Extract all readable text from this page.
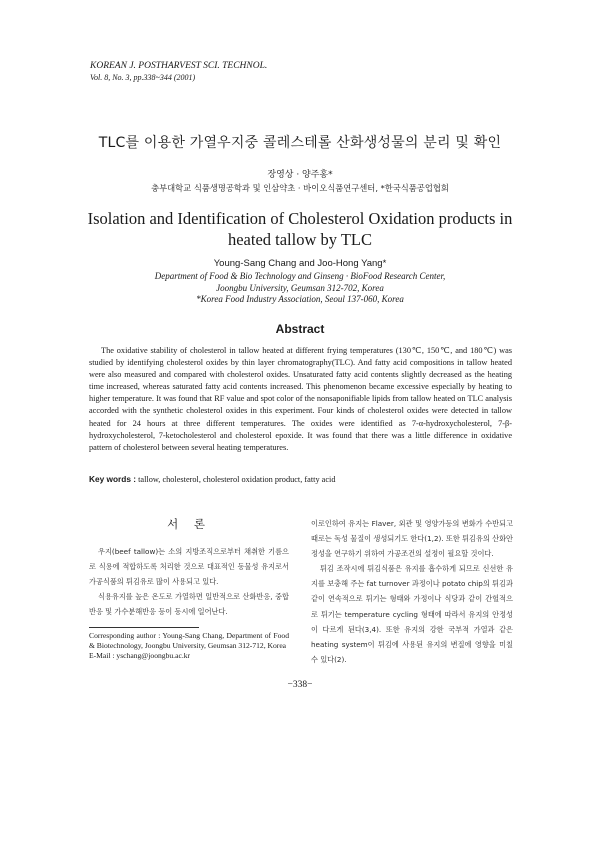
KOREAN J. POSTHARVEST SCI. TECHNOL.
Vol. 8, No. 3, pp.338~344 (2001)
TLC를 이용한 가열우지중 콜레스테롤 산화생성물의 분리 및 확인
장영상 · 양주홍*
충부대학교 식품생명공학과 및 인삼약초 · 바이오식품연구센터, *한국식품공업협회
Isolation and Identification of Cholesterol Oxidation products in
heated tallow by TLC
Young-Sang Chang and Joo-Hong Yang*
Department of Food & Bio Technology and Ginseng · BioFood Research Center,
Joongbu University, Geumsan 312-702, Korea
*Korea Food Industry Association, Seoul 137-060, Korea
Abstract

The oxidative stability of cholesterol in tallow heated at different frying temperatures (130℃, 150℃, and 180℃) was studied by identifying cholesterol oxides by thin layer chromatography(TLC). And fatty acid compositions in tallow heated were also measured and compared with cholesterol oxides. Unsaturated fatty acid contents slightly decreased as the heating time increased, whereas saturated fatty acid contents increased. This phenomenon became excessive especially by heating to higher temperature. It was found that RF value and spot color of the nonsaponifiable lipids from tallow heated on TLC analysis accorded with the synthetic cholesterol oxides in this experiment. Four kinds of cholesterol oxides were detected in tallow heated for 24 hours at three different temperatures. The oxides were identified as 7-α-hydroxycholesterol, 7-β-hydroxycholesterol, 7-ketocholesterol and cholesterol epoxide. It was found that there was a little difference in oxidative pattern of cholesterol between several heating temperatures.

Key words : tallow, cholesterol, cholesterol oxidation product, fatty acid
서 론

우지(beef tallow)는 소의 지방조직으로부터 채취한 기름으로 식용에 적합하도록 처리한 것으로 대표적인 동물성 유지로서 가공식품의 튀김유로 많이 사용되고 있다.

식용유지를 높은 온도로 가열하면 일반적으로 산화반응, 중합반응 및 가수분해반응 등이 동시에 일어난다.

이로인하여 유지는 Flaver, 외관 및 영양가등의 변화가 수반되고 때로는 독성 물질이 생성되기도 한다(1,2). 또한 튀김유의 산화안정성을 연구하기 위하여 가공조건의 설정이 필요할 것이다.

튀김 조작시에 튀김식품은 유지를 흡수하게 되므로 신선한 유지를 보충해 주는 fat turnover 과정이나 potato chip의 튀김과 같이 연속적으로 튀기는 형태와 가정이나 식당과 같이 간헐적으로 튀기는 temperature cycling 형태에 따라서 유지의 안정성이 다르게 된다(3,4). 또한 유지의 강한 국부적 가열과 같은 heating system이 튀김에 사용된 유지의 변질에 영향을 미칠 수 있다(2).

Corresponding author : Young-Sang Chang, Department of Food & Biotechnology, Joongbu University, Geumsan 312-712, Korea
E-Mail : yschang@joongbu.ac.kr
−338−
